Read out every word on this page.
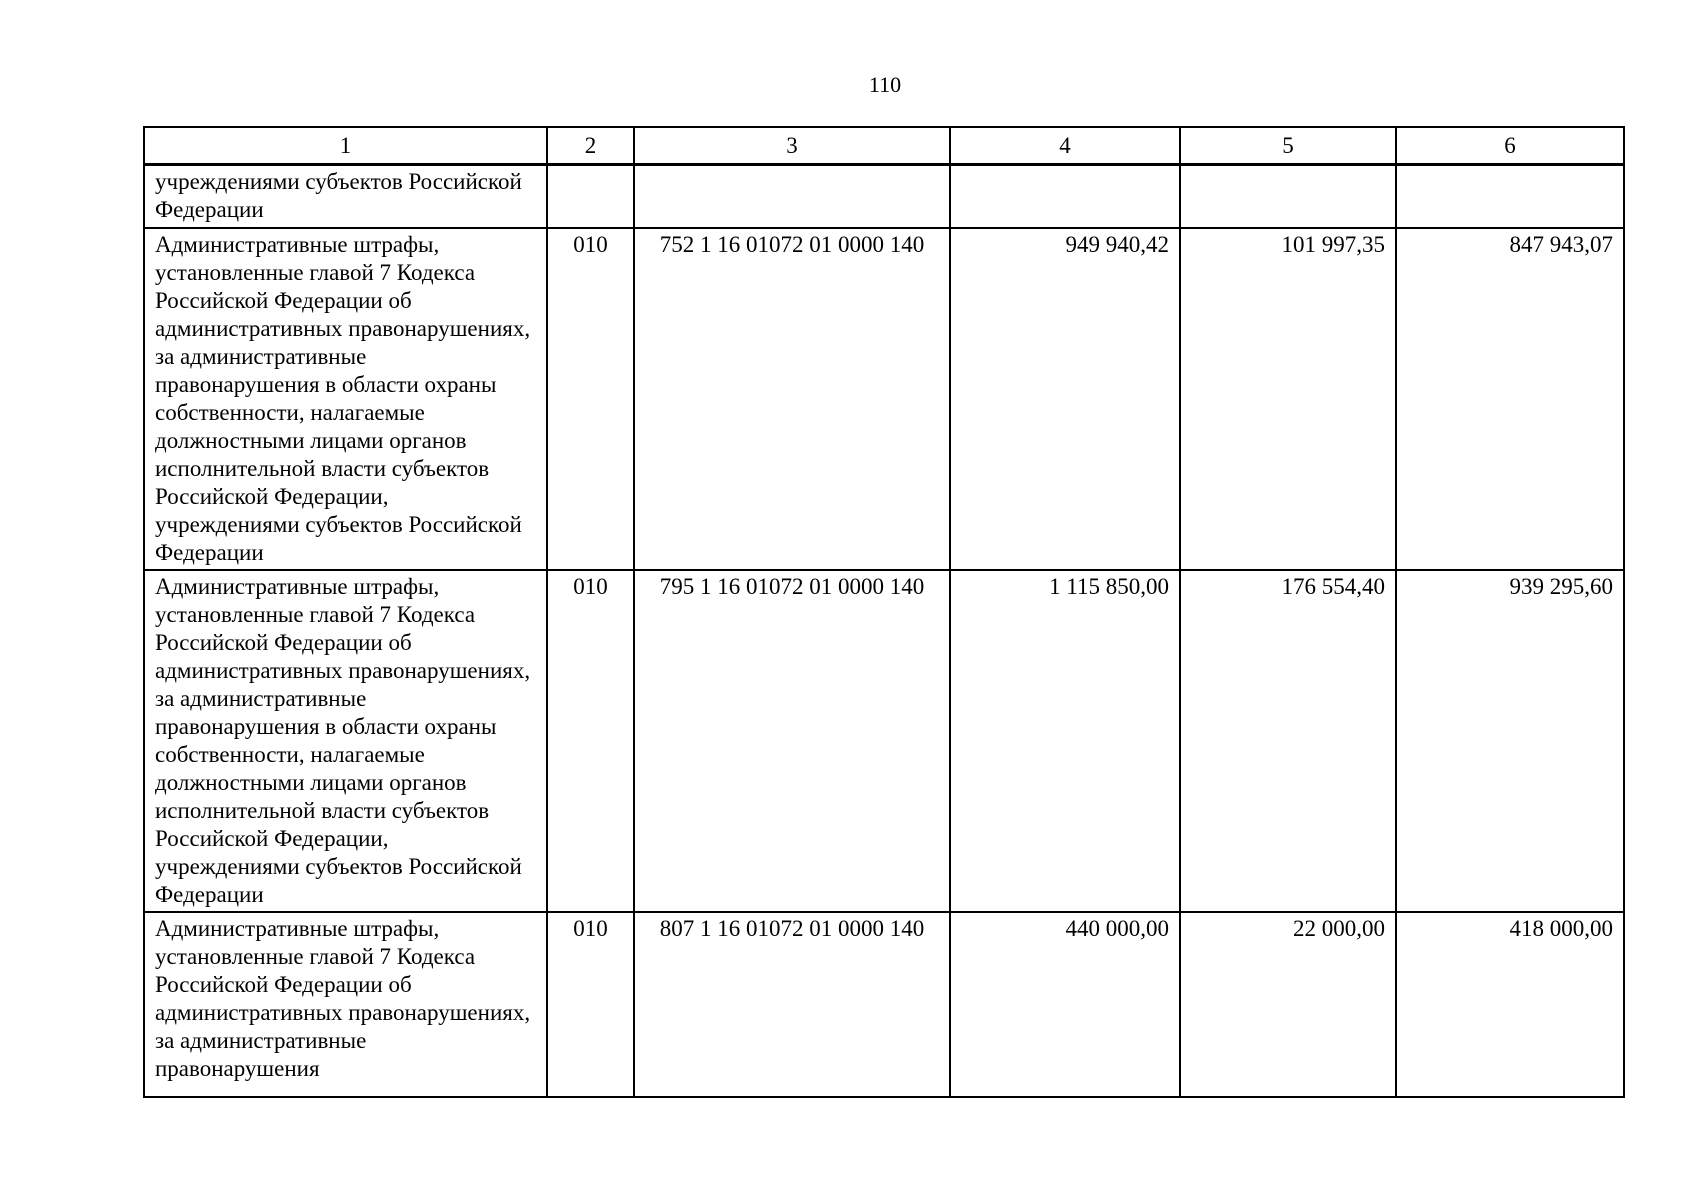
110
1	2	3	4	5	6
учреждениями субъектов Российской Федерации					
Административные штрафы, установленные главой 7 Кодекса Российской Федерации об административных правонарушениях, за административные правонарушения в области охраны собственности, налагаемые должностными лицами органов исполнительной власти субъектов Российской Федерации, учреждениями субъектов Российской Федерации	010	752 1 16 01072 01 0000 140	949 940,42	101 997,35	847 943,07
Административные штрафы, установленные главой 7 Кодекса Российской Федерации об административных правонарушениях, за административные правонарушения в области охраны собственности, налагаемые должностными лицами органов исполнительной власти субъектов Российской Федерации, учреждениями субъектов Российской Федерации	010	795 1 16 01072 01 0000 140	1 115 850,00	176 554,40	939 295,60
Административные штрафы, установленные главой 7 Кодекса Российской Федерации об административных правонарушениях, за административные правонарушения	010	807 1 16 01072 01 0000 140	440 000,00	22 000,00	418 000,00
